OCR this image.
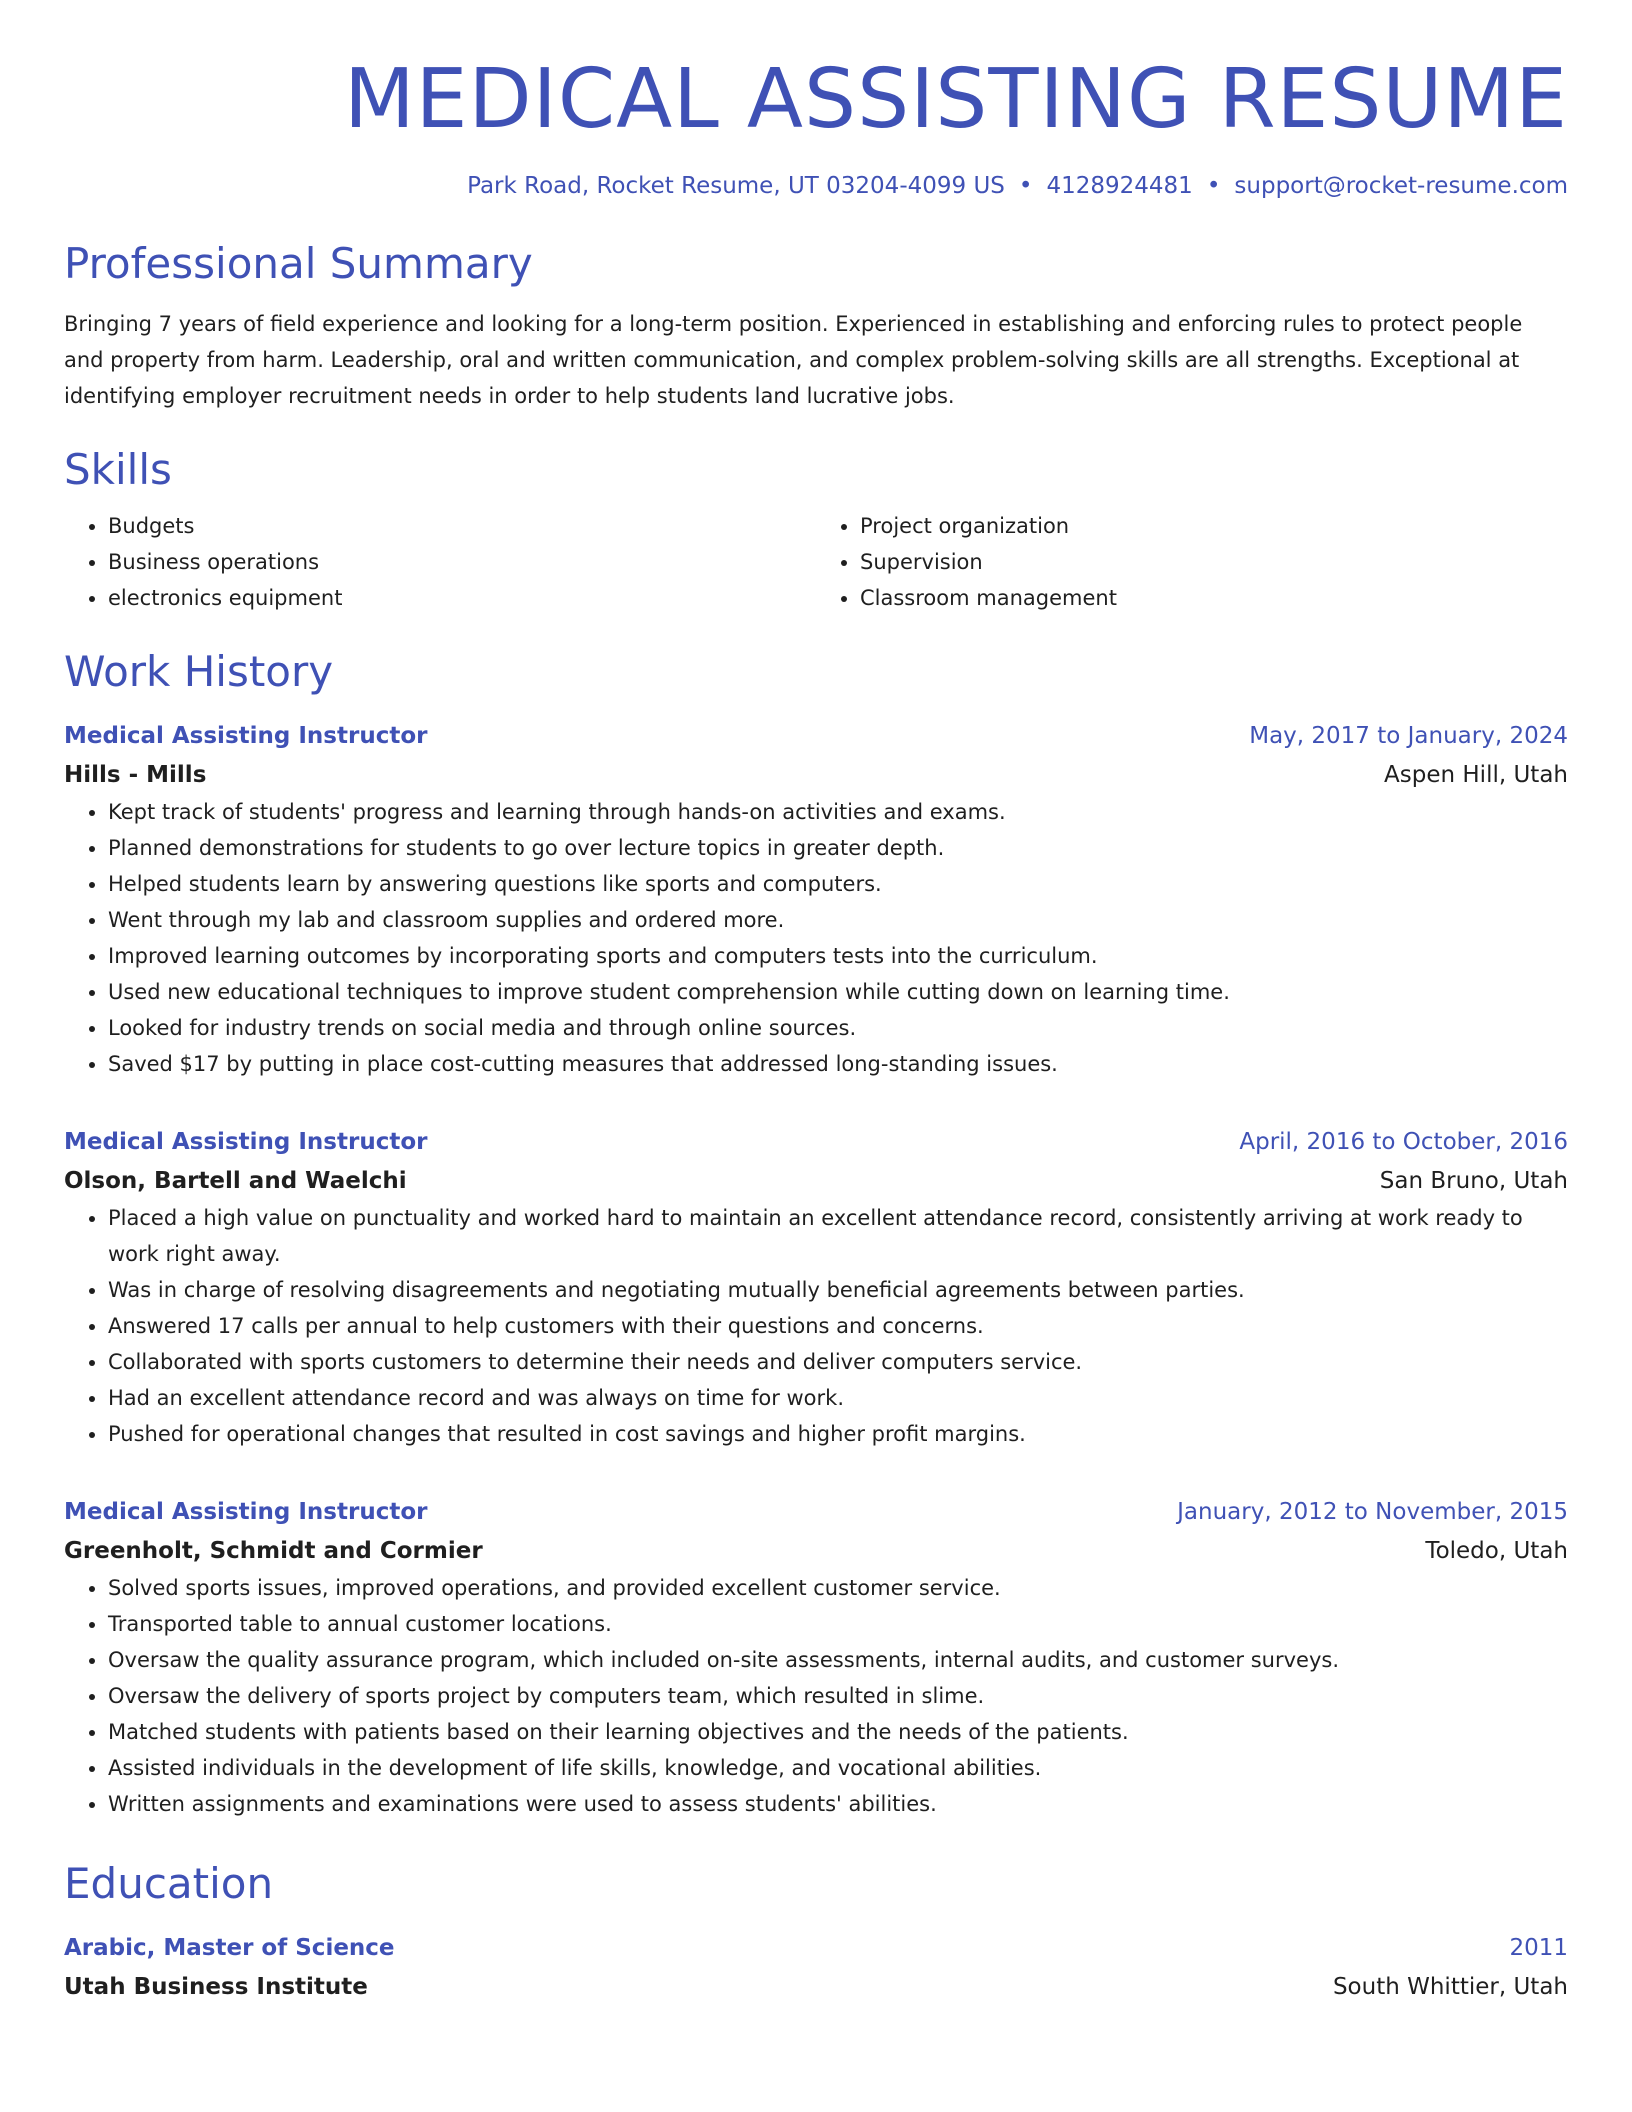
MEDICAL ASSISTING RESUME
Park Road, Rocket Resume, UT 03204-4099 US • 4128924481 • support@rocket-resume.com
Professional Summary

Bringing 7 years of field experience and looking for a long-term position. Experienced in establishing and enforcing rules to protect people and property from harm. Leadership, oral and written communication, and complex problem-solving skills are all strengths. Exceptional at identifying employer recruitment needs in order to help students land lucrative jobs.

Skills
• Budgets
• Business operations
• electronics equipment
• Project organization
• Supervision
• Classroom management
Work History
Medical Assisting Instructor	May, 2017 to January, 2024
Hills - Mills	Aspen Hill, Utah
• Kept track of students' progress and learning through hands-on activities and exams.
• Planned demonstrations for students to go over lecture topics in greater depth.
• Helped students learn by answering questions like sports and computers.
• Went through my lab and classroom supplies and ordered more.
• Improved learning outcomes by incorporating sports and computers tests into the curriculum.
• Used new educational techniques to improve student comprehension while cutting down on learning time.
• Looked for industry trends on social media and through online sources.
• Saved $17 by putting in place cost-cutting measures that addressed long-standing issues.
Medical Assisting Instructor	April, 2016 to October, 2016
Olson, Bartell and Waelchi	San Bruno, Utah
• Placed a high value on punctuality and worked hard to maintain an excellent attendance record, consistently arriving at work ready to work right away.
• Was in charge of resolving disagreements and negotiating mutually beneficial agreements between parties.
• Answered 17 calls per annual to help customers with their questions and concerns.
• Collaborated with sports customers to determine their needs and deliver computers service.
• Had an excellent attendance record and was always on time for work.
• Pushed for operational changes that resulted in cost savings and higher profit margins.
Medical Assisting Instructor	January, 2012 to November, 2015
Greenholt, Schmidt and Cormier	Toledo, Utah
• Solved sports issues, improved operations, and provided excellent customer service.
• Transported table to annual customer locations.
• Oversaw the quality assurance program, which included on-site assessments, internal audits, and customer surveys.
• Oversaw the delivery of sports project by computers team, which resulted in slime.
• Matched students with patients based on their learning objectives and the needs of the patients.
• Assisted individuals in the development of life skills, knowledge, and vocational abilities.
• Written assignments and examinations were used to assess students' abilities.
Education
Arabic, Master of Science	2011
Utah Business Institute	South Whittier, Utah
